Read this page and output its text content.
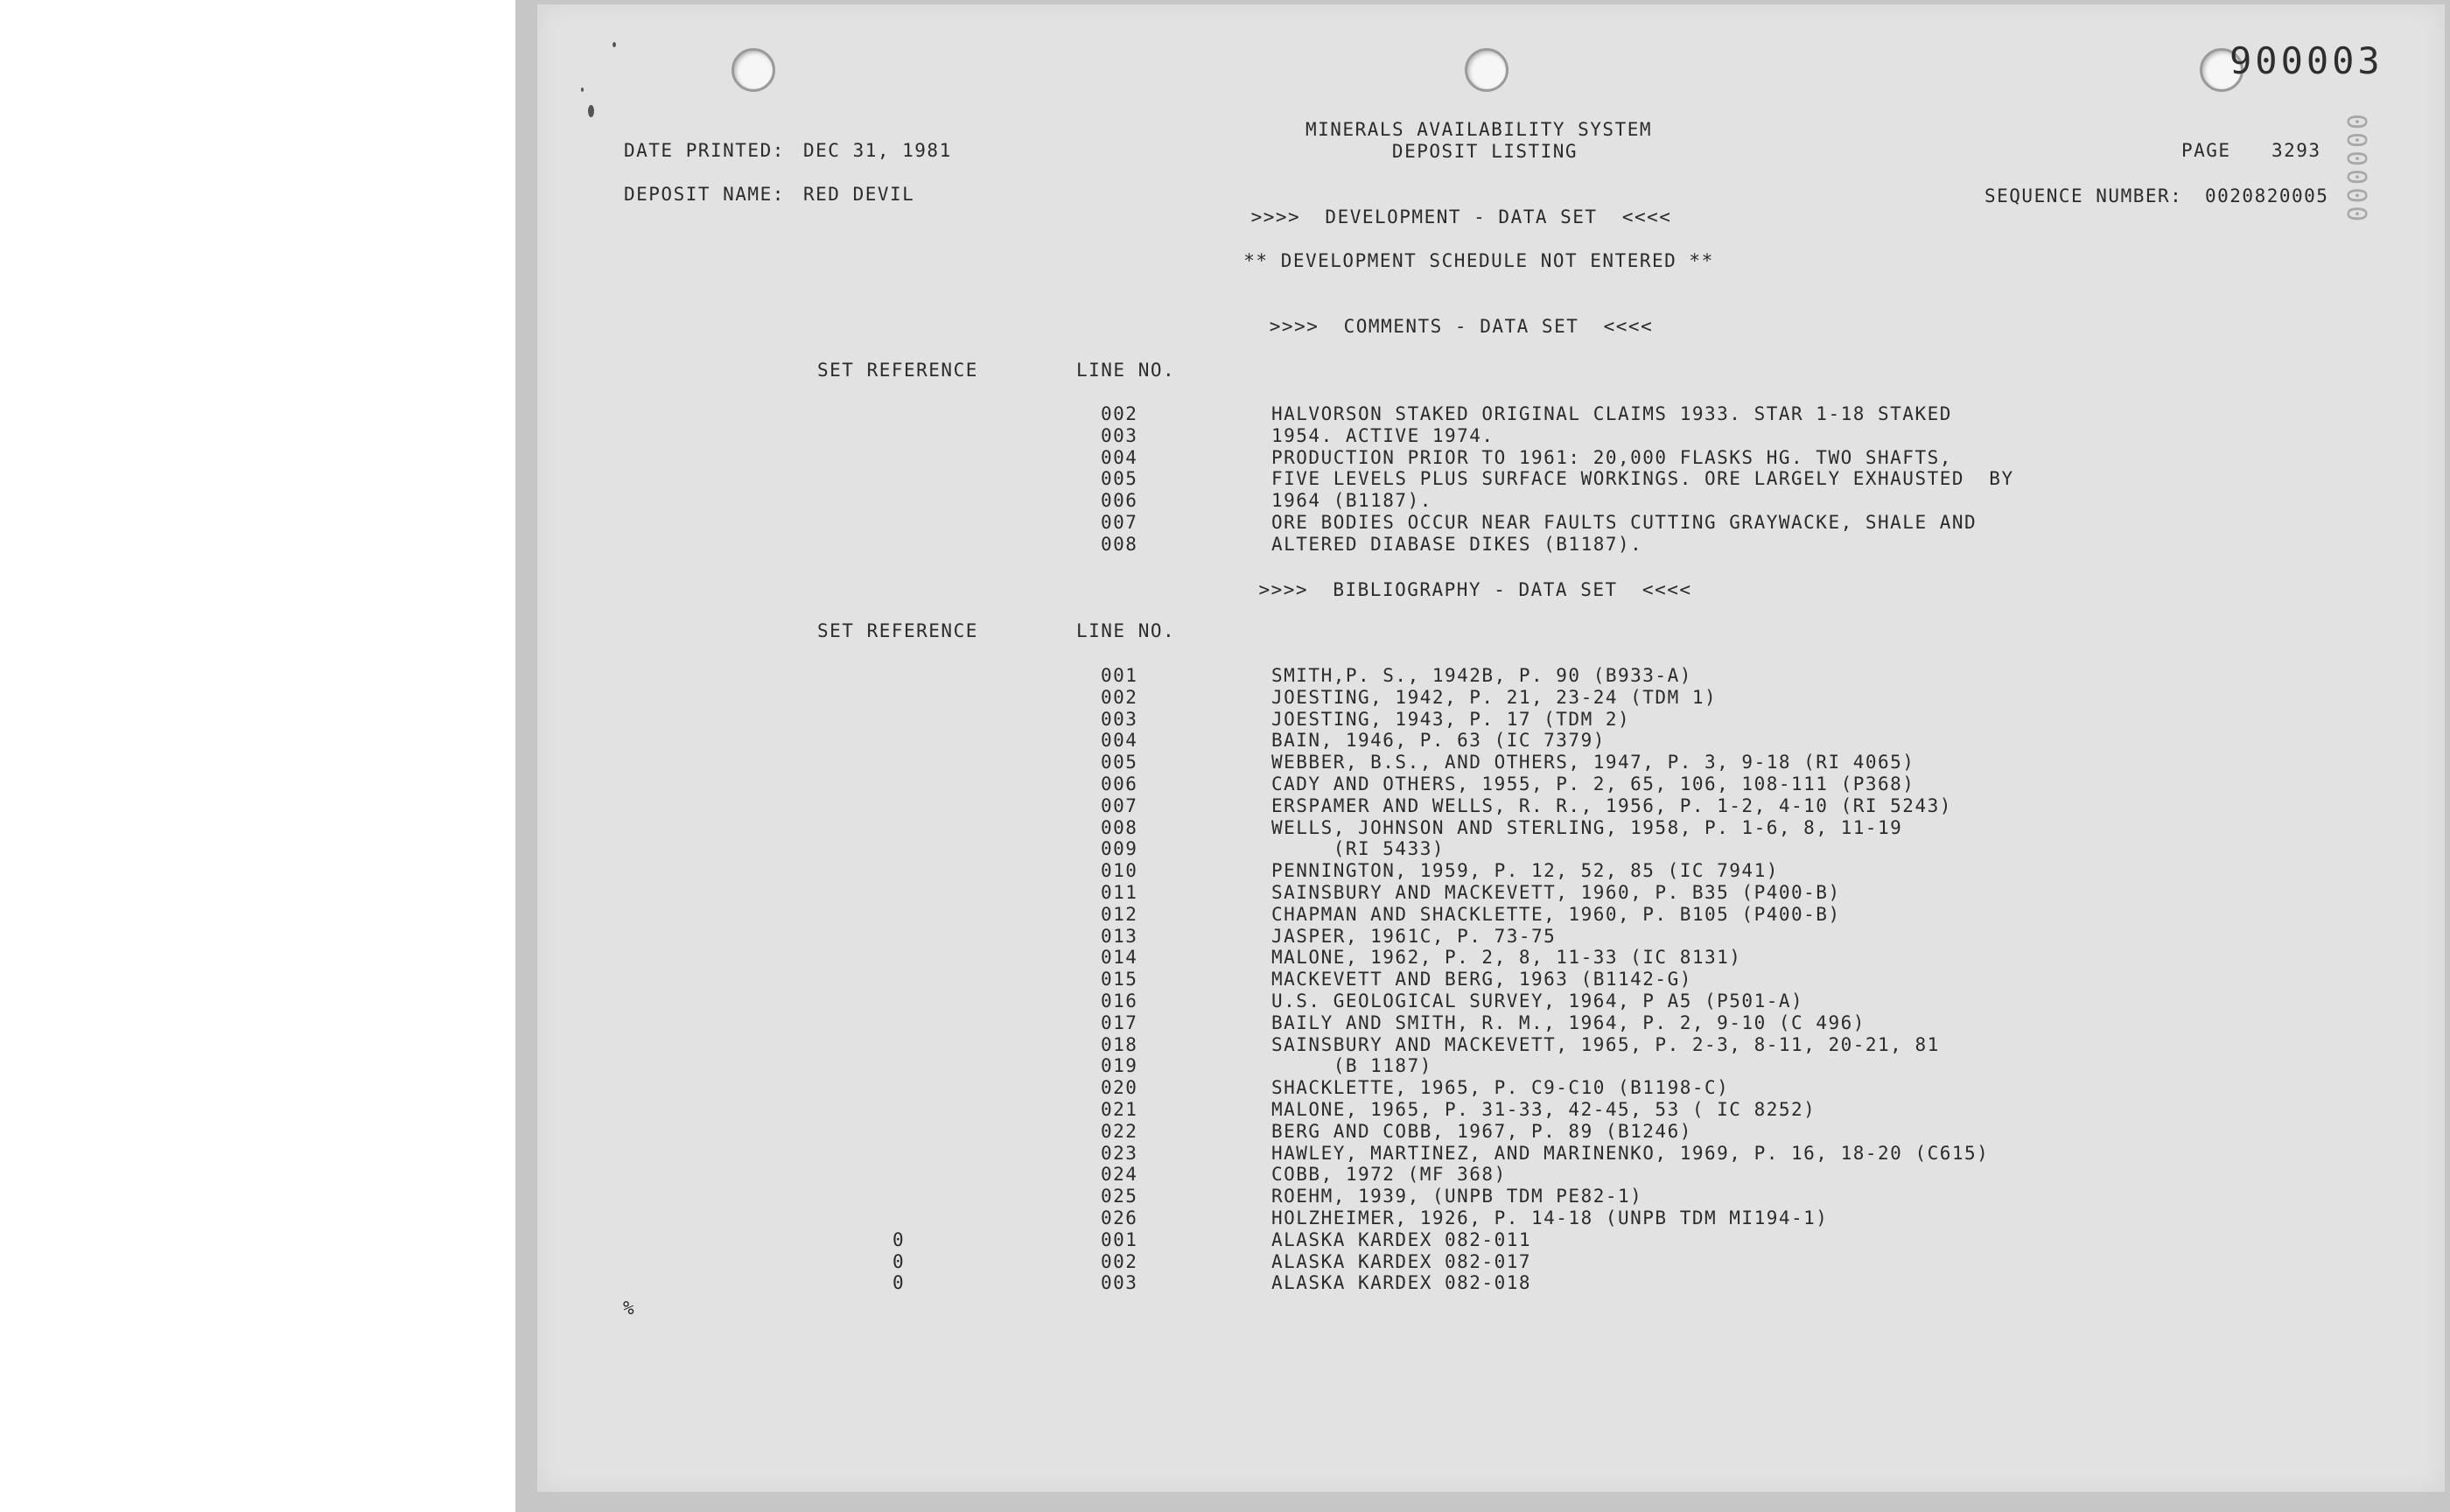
900003
000000
MINERALS AVAILABILITY SYSTEM
DEPOSIT LISTING
DATE PRINTED: DEC 31, 1981	PAGE 3293
DEPOSIT NAME: RED DEVIL	SEQUENCE NUMBER: 0020820005
>>>>  DEVELOPMENT - DATA SET  <<<<
** DEVELOPMENT SCHEDULE NOT ENTERED **
>>>>  COMMENTS - DATA SET  <<<<
SET REFERENCE	LINE NO.
002	HALVORSON STAKED ORIGINAL CLAIMS 1933. STAR 1-18 STAKED
003	1954. ACTIVE 1974.
004	PRODUCTION PRIOR TO 1961: 20,000 FLASKS HG. TWO SHAFTS,
005	FIVE LEVELS PLUS SURFACE WORKINGS. ORE LARGELY EXHAUSTED  BY
006	1964 (B1187).
007	ORE BODIES OCCUR NEAR FAULTS CUTTING GRAYWACKE, SHALE AND
008	ALTERED DIABASE DIKES (B1187).
>>>>  BIBLIOGRAPHY - DATA SET  <<<<
SET REFERENCE	LINE NO.
001	SMITH,P. S., 1942B, P. 90 (B933-A)
002	JOESTING, 1942, P. 21, 23-24 (TDM 1)
003	JOESTING, 1943, P. 17 (TDM 2)
004	BAIN, 1946, P. 63 (IC 7379)
005	WEBBER, B.S., AND OTHERS, 1947, P. 3, 9-18 (RI 4065)
006	CADY AND OTHERS, 1955, P. 2, 65, 106, 108-111 (P368)
007	ERSPAMER AND WELLS, R. R., 1956, P. 1-2, 4-10 (RI 5243)
008	WELLS, JOHNSON AND STERLING, 1958, P. 1-6, 8, 11-19
009	(RI 5433)
010	PENNINGTON, 1959, P. 12, 52, 85 (IC 7941)
011	SAINSBURY AND MACKEVETT, 1960, P. B35 (P400-B)
012	CHAPMAN AND SHACKLETTE, 1960, P. B105 (P400-B)
013	JASPER, 1961C, P. 73-75
014	MALONE, 1962, P. 2, 8, 11-33 (IC 8131)
015	MACKEVETT AND BERG, 1963 (B1142-G)
016	U.S. GEOLOGICAL SURVEY, 1964, P A5 (P501-A)
017	BAILY AND SMITH, R. M., 1964, P. 2, 9-10 (C 496)
018	SAINSBURY AND MACKEVETT, 1965, P. 2-3, 8-11, 20-21, 81
019	(B 1187)
020	SHACKLETTE, 1965, P. C9-C10 (B1198-C)
021	MALONE, 1965, P. 31-33, 42-45, 53 ( IC 8252)
022	BERG AND COBB, 1967, P. 89 (B1246)
023	HAWLEY, MARTINEZ, AND MARINENKO, 1969, P. 16, 18-20 (C615)
024	COBB, 1972 (MF 368)
025	ROEHM, 1939, (UNPB TDM PE82-1)
026	HOLZHEIMER, 1926, P. 14-18 (UNPB TDM MI194-1)
0	001	ALASKA KARDEX 082-011
0	002	ALASKA KARDEX 082-017
0	003	ALASKA KARDEX 082-018
%
